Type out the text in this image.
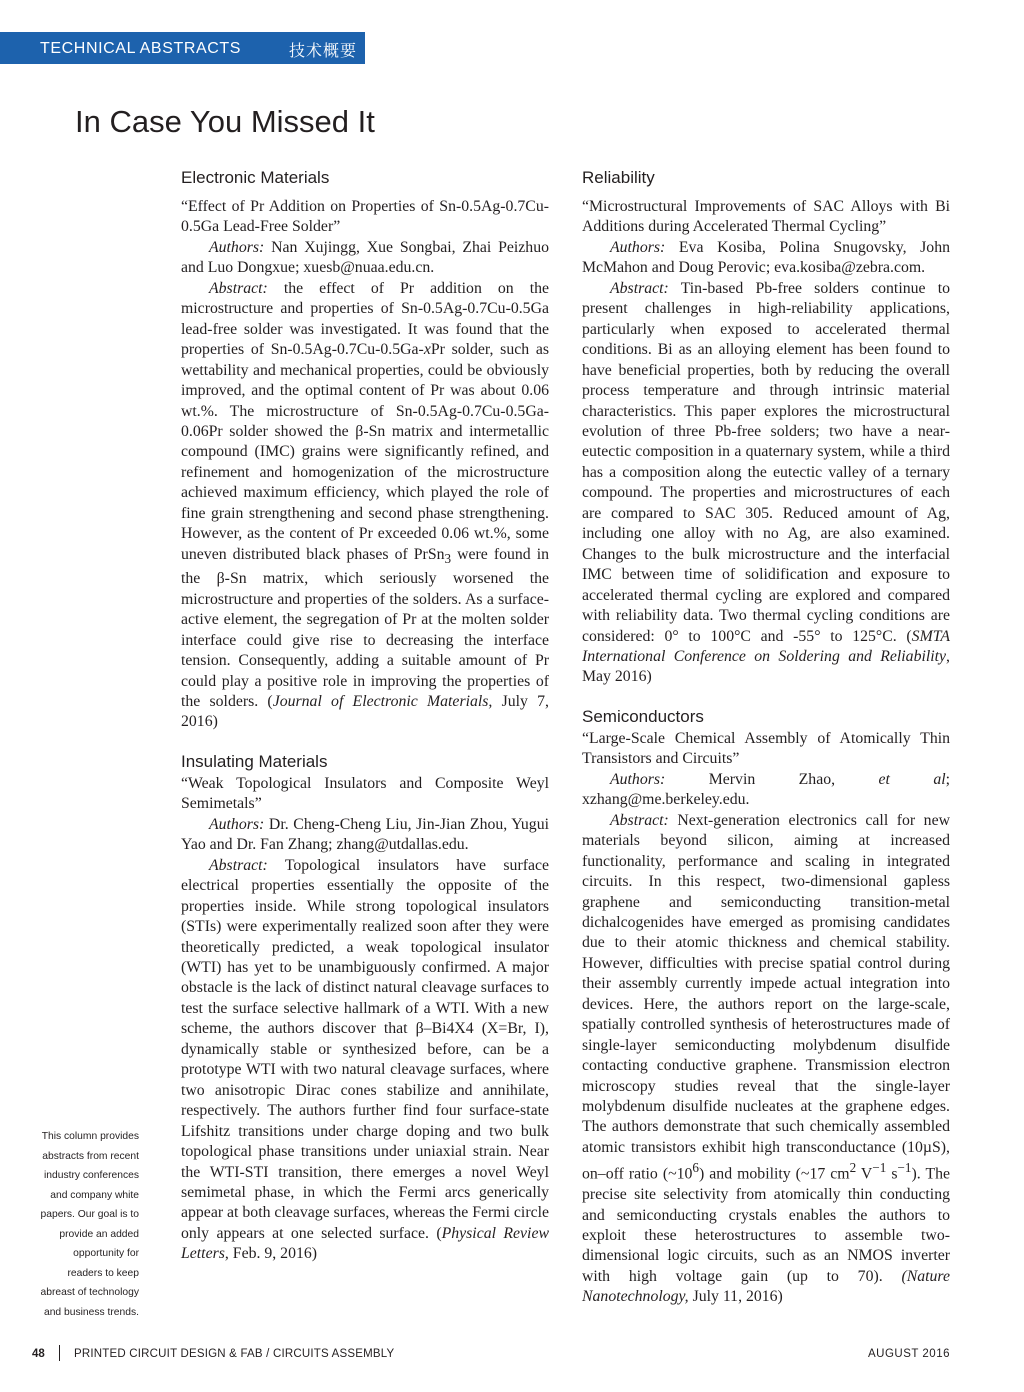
TECHNICAL ABSTRACTS	技术概要
In Case You Missed It
This column provides abstracts from recent industry conferences and company white papers. Our goal is to provide an added opportunity for readers to keep abreast of technology and business trends.
Electronic Materials

“Effect of Pr Addition on Properties of Sn-0.5Ag-0.7Cu-0.5Ga Lead-Free Solder”

Authors: Nan Xujingg, Xue Songbai, Zhai Peizhuo and Luo Dongxue; xuesb@nuaa.edu.cn.

Abstract: the effect of Pr addition on the microstructure and properties of Sn-0.5Ag-0.7Cu-0.5Ga lead-free solder was investigated. It was found that the properties of Sn-0.5Ag-0.7Cu-0.5Ga-xPr solder, such as wettability and mechanical properties, could be obviously improved, and the optimal content of Pr was about 0.06 wt.%. The microstructure of Sn-0.5Ag-0.7Cu-0.5Ga-0.06Pr solder showed the β-Sn matrix and intermetallic compound (IMC) grains were significantly refined, and refinement and homogenization of the microstructure achieved maximum efficiency, which played the role of fine grain strengthening and second phase strengthening. However, as the content of Pr exceeded 0.06 wt.%, some uneven distributed black phases of PrSn$_3$ were found in the β-Sn matrix, which seriously worsened the microstructure and properties of the solders. As a surface-active element, the segregation of Pr at the molten solder interface could give rise to decreasing the interface tension. Consequently, adding a suitable amount of Pr could play a positive role in improving the properties of the solders. (Journal of Electronic Materials, July 7, 2016)

Insulating Materials

“Weak Topological Insulators and Composite Weyl Semimetals”

Authors: Dr. Cheng-Cheng Liu, Jin-Jian Zhou, Yugui Yao and Dr. Fan Zhang; zhang@utdallas.edu.

Abstract: Topological insulators have surface electrical properties essentially the opposite of the properties inside. While strong topological insulators (STIs) were experimentally realized soon after they were theoretically predicted, a weak topological insulator (WTI) has yet to be unambiguously confirmed. A major obstacle is the lack of distinct natural cleavage surfaces to test the surface selective hallmark of a WTI. With a new scheme, the authors discover that β–Bi4X4 (X=Br, I), dynamically stable or synthesized before, can be a prototype WTI with two natural cleavage surfaces, where two anisotropic Dirac cones stabilize and annihilate, respectively. The authors further find four surface-state Lifshitz transitions under charge doping and two bulk topological phase transitions under uniaxial strain. Near the WTI-STI transition, there emerges a novel Weyl semimetal phase, in which the Fermi arcs generically appear at both cleavage surfaces, whereas the Fermi circle only appears at one selected surface. (Physical Review Letters, Feb. 9, 2016)

Reliability

“Microstructural Improvements of SAC Alloys with Bi Additions during Accelerated Thermal Cycling”

Authors: Eva Kosiba, Polina Snugovsky, John McMahon and Doug Perovic; eva.kosiba@zebra.com.

Abstract: Tin-based Pb-free solders continue to present challenges in high-reliability applications, particularly when exposed to accelerated thermal conditions. Bi as an alloying element has been found to have beneficial properties, both by reducing the overall process temperature and through intrinsic material characteristics. This paper explores the microstructural evolution of three Pb-free solders; two have a near-eutectic composition in a quaternary system, while a third has a composition along the eutectic valley of a ternary compound. The properties and microstructures of each are compared to SAC 305. Reduced amount of Ag, including one alloy with no Ag, are also examined. Changes to the bulk microstructure and the interfacial IMC between time of solidification and exposure to accelerated thermal cycling are explored and compared with reliability data. Two thermal cycling conditions are considered: 0° to 100°C and -55° to 125°C. (SMTA International Conference on Soldering and Reliability, May 2016)

Semiconductors

“Large-Scale Chemical Assembly of Atomically Thin Transistors and Circuits”

Authors: Mervin Zhao, et al; xzhang@me.berkeley.edu.

Abstract: Next-generation electronics call for new materials beyond silicon, aiming at increased functionality, performance and scaling in integrated circuits. In this respect, two-dimensional gapless graphene and semiconducting transition-metal dichalcogenides have emerged as promising candidates due to their atomic thickness and chemical stability. However, difficulties with precise spatial control during their assembly currently impede actual integration into devices. Here, the authors report on the large-scale, spatially controlled synthesis of heterostructures made of single-layer semiconducting molybdenum disulfide contacting conductive graphene. Transmission electron microscopy studies reveal that the single-layer molybdenum disulfide nucleates at the graphene edges. The authors demonstrate that such chemically assembled atomic transistors exhibit high transconductance (10µS), on–off ratio $(\sim 10^6)$ and mobility (~17 $cm^2$ $V^{-1}$ $s^{-1}$). The precise site selectivity from atomically thin conducting and semiconducting crystals enables the authors to exploit these heterostructures to assemble two-dimensional logic circuits, such as an NMOS inverter with high voltage gain (up to 70). (Nature Nanotechnology, July 11, 2016)

48	PRINTED CIRCUIT DESIGN & FAB / CIRCUITS ASSEMBLY	AUGUST 2016
